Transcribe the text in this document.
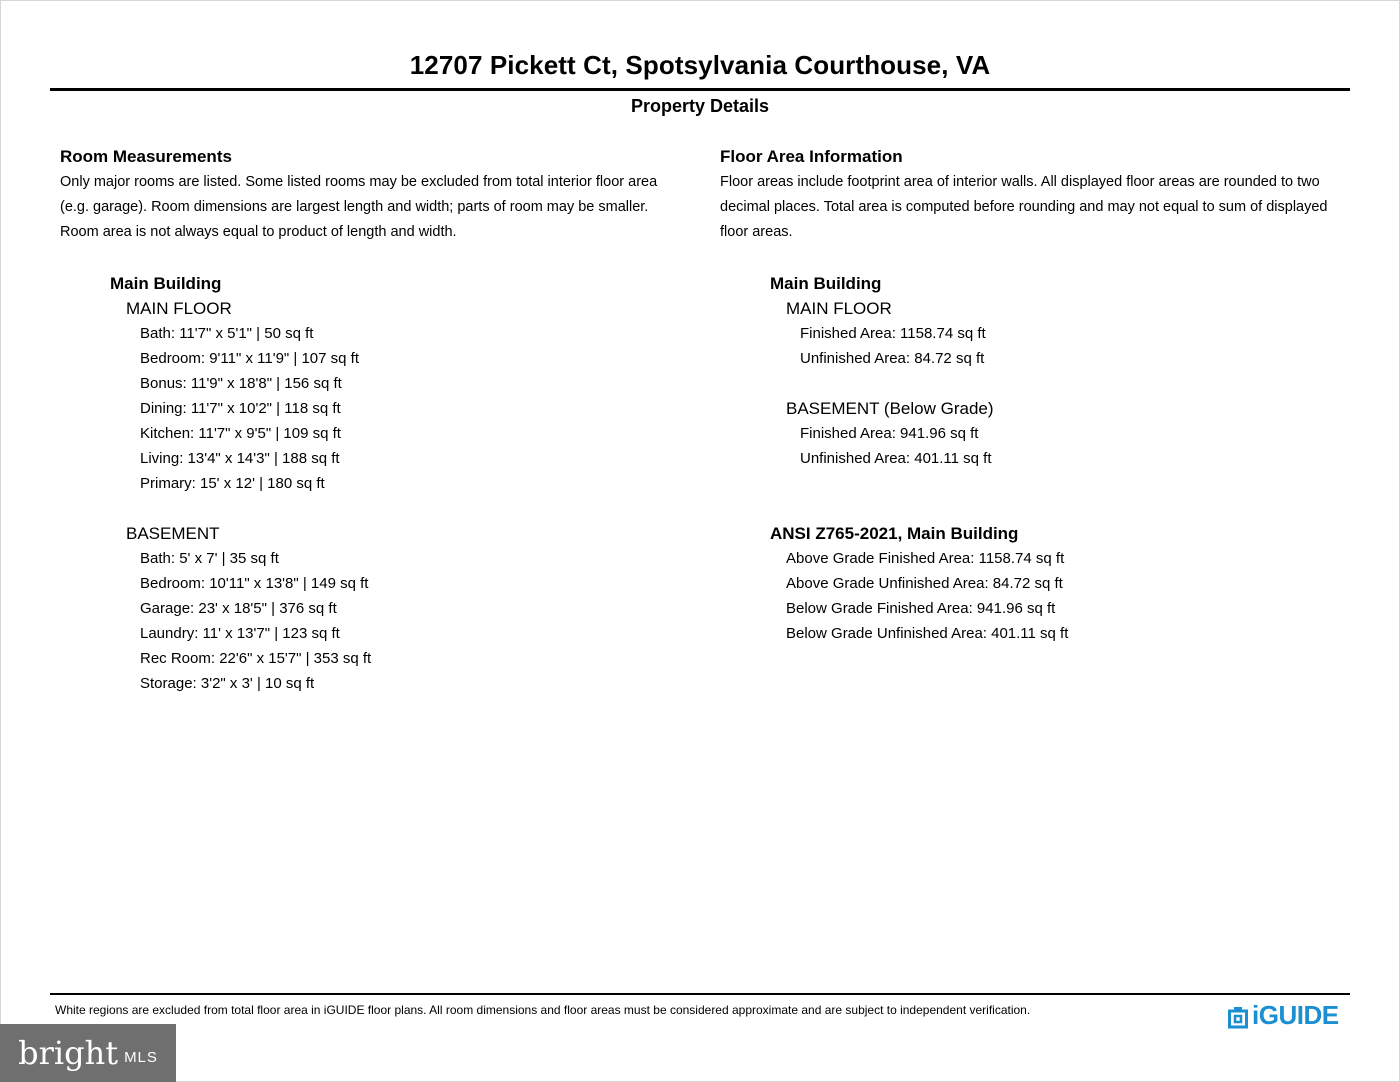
12707 Pickett Ct, Spotsylvania Courthouse, VA
Property Details
Room Measurements
Only major rooms are listed. Some listed rooms may be excluded from total interior floor area
(e.g. garage). Room dimensions are largest length and width; parts of room may be smaller.
Room area is not always equal to product of length and width.
Main Building
MAIN FLOOR
Bath: 11'7" x 5'1" | 50 sq ft
Bedroom: 9'11" x 11'9" | 107 sq ft
Bonus: 11'9" x 18'8" | 156 sq ft
Dining: 11'7" x 10'2" | 118 sq ft
Kitchen: 11'7" x 9'5" | 109 sq ft
Living: 13'4" x 14'3" | 188 sq ft
Primary: 15' x 12' | 180 sq ft
BASEMENT
Bath: 5' x 7' | 35 sq ft
Bedroom: 10'11" x 13'8" | 149 sq ft
Garage: 23' x 18'5" | 376 sq ft
Laundry: 11' x 13'7" | 123 sq ft
Rec Room: 22'6" x 15'7" | 353 sq ft
Storage: 3'2" x 3' | 10 sq ft
Floor Area Information
Floor areas include footprint area of interior walls. All displayed floor areas are rounded to two
decimal places. Total area is computed before rounding and may not equal to sum of displayed
floor areas.
Main Building
MAIN FLOOR
Finished Area: 1158.74 sq ft
Unfinished Area: 84.72 sq ft
BASEMENT (Below Grade)
Finished Area: 941.96 sq ft
Unfinished Area: 401.11 sq ft
ANSI Z765-2021, Main Building
Above Grade Finished Area: 1158.74 sq ft
Above Grade Unfinished Area: 84.72 sq ft
Below Grade Finished Area: 941.96 sq ft
Below Grade Unfinished Area: 401.11 sq ft
White regions are excluded from total floor area in iGUIDE floor plans. All room dimensions and floor areas must be considered approximate and are subject to independent verification.	iGUIDE
bright MLS
